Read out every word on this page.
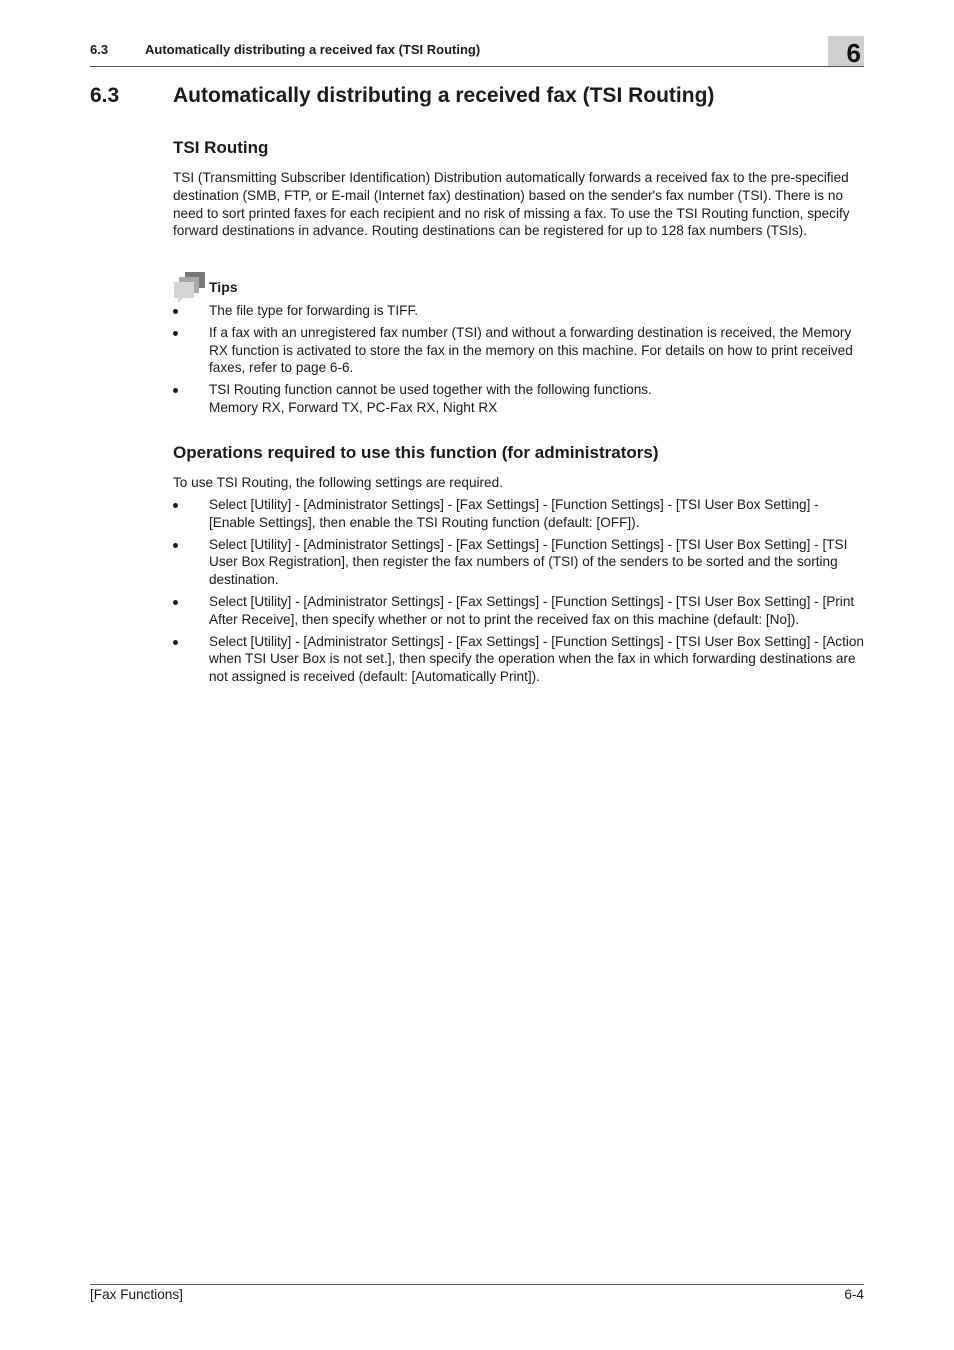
6.3	Automatically distributing a received fax (TSI Routing)	6
6.3	Automatically distributing a received fax (TSI Routing)
TSI Routing
TSI (Transmitting Subscriber Identification) Distribution automatically forwards a received fax to the pre-specified destination (SMB, FTP, or E-mail (Internet fax) destination) based on the sender's fax number (TSI). There is no need to sort printed faxes for each recipient and no risk of missing a fax. To use the TSI Routing function, specify forward destinations in advance. Routing destinations can be registered for up to 128 fax numbers (TSIs).
Tips
The file type for forwarding is TIFF.
If a fax with an unregistered fax number (TSI) and without a forwarding destination is received, the Memory RX function is activated to store the fax in the memory on this machine. For details on how to print received faxes, refer to page 6-6.
TSI Routing function cannot be used together with the following functions.
Memory RX, Forward TX, PC-Fax RX, Night RX
Operations required to use this function (for administrators)
To use TSI Routing, the following settings are required.
Select [Utility] - [Administrator Settings] - [Fax Settings] - [Function Settings] - [TSI User Box Setting] - [Enable Settings], then enable the TSI Routing function (default: [OFF]).
Select [Utility] - [Administrator Settings] - [Fax Settings] - [Function Settings] - [TSI User Box Setting] - [TSI User Box Registration], then register the fax numbers of (TSI) of the senders to be sorted and the sorting destination.
Select [Utility] - [Administrator Settings] - [Fax Settings] - [Function Settings] - [TSI User Box Setting] - [Print After Receive], then specify whether or not to print the received fax on this machine (default: [No]).
Select [Utility] - [Administrator Settings] - [Fax Settings] - [Function Settings] - [TSI User Box Setting] - [Action when TSI User Box is not set.], then specify the operation when the fax in which forwarding destinations are not assigned is received (default: [Automatically Print]).
[Fax Functions]	6-4
